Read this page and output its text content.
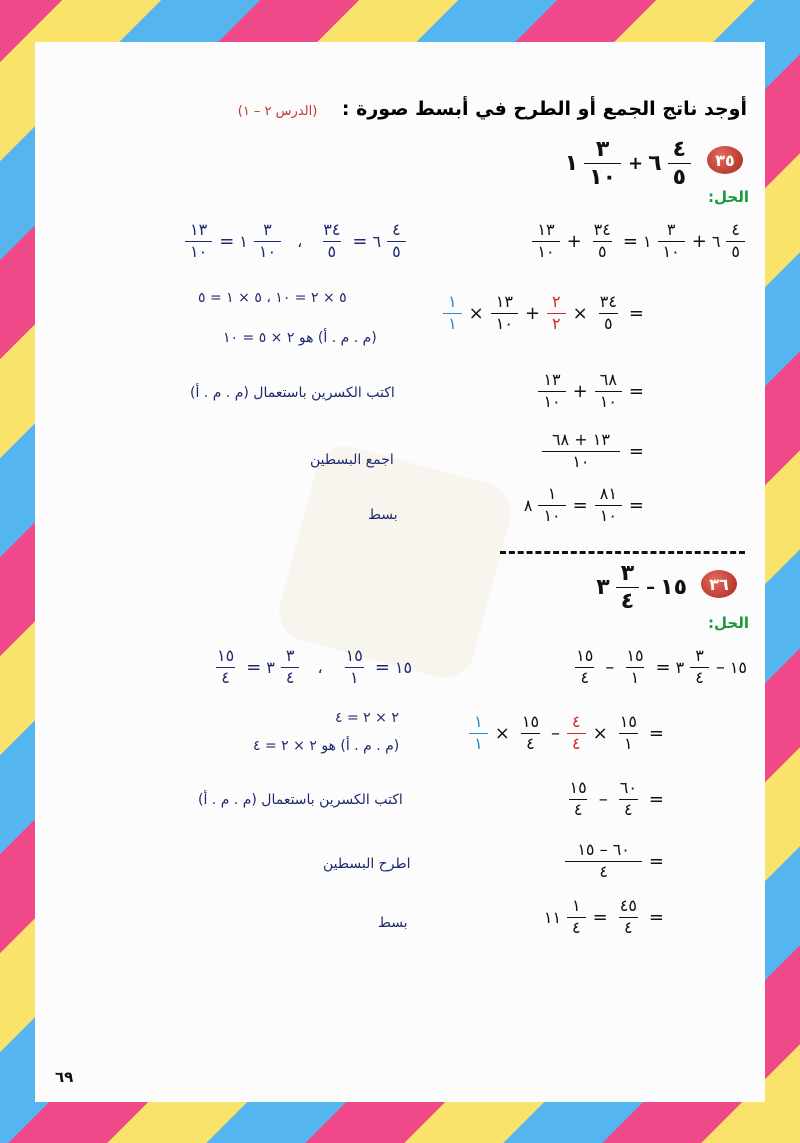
أوجد ناتج الجمع أو الطرح في أبسط صورة : (الدرس ٢ – ١)
٣٥
١ $\frac{٣}{١٠}$ + ٦ $\frac{٤}{٥}$
الحل:
$\frac{١٣}{١٠} + \frac{٣٤}{٥}$ = ١ $\frac{٣}{١٠}$ + ٦ $\frac{٤}{٥}$
$\frac{١٣}{١٠}$ = ١ $\frac{٣}{١٠}$ ، $\frac{٣٤}{٥}$ = ٦ $\frac{٤}{٥}$
$\frac{١}{١} \times \frac{١٣}{١٠} + \frac{٢}{٢} \times \frac{٣٤}{٥}$ =
٥ × ٢ = ١٠ ، ٥ × ١ = ٥
(م . م . أ) هو ٢ × ٥ = ١٠
$\frac{١٣}{١٠} + \frac{٦٨}{١٠}$ =
اكتب الكسرين باستعمال (م . م . أ)
$\frac{١٣ + ٦٨}{١٠}$ =
اجمع البسطين
٨ $\frac{١}{١٠} = \frac{٨١}{١٠}$ =
بسط
٣٦
٣ $\frac{٣}{٤}$ – ١٥
الحل:
$\frac{١٥}{٤} - \frac{١٥}{١}$ = ٣ $\frac{٣}{٤}$ – ١٥
$\frac{١٥}{٤}$ = ٣ $\frac{٣}{٤}$ ، $\frac{١٥}{١}$ = ١٥
$\frac{١}{١} \times \frac{١٥}{٤} - \frac{٤}{٤} \times \frac{١٥}{١}$ =
٢ × ٢ = ٤
(م . م . أ) هو ٢ × ٢ = ٤
$\frac{١٥}{٤} - \frac{٦٠}{٤}$ =
اكتب الكسرين باستعمال (م . م . أ)
$\frac{٦٠ - ١٥}{٤}$ =
اطرح البسطين
١١ $\frac{١}{٤} = \frac{٤٥}{٤}$ =
بسط
٦٩
